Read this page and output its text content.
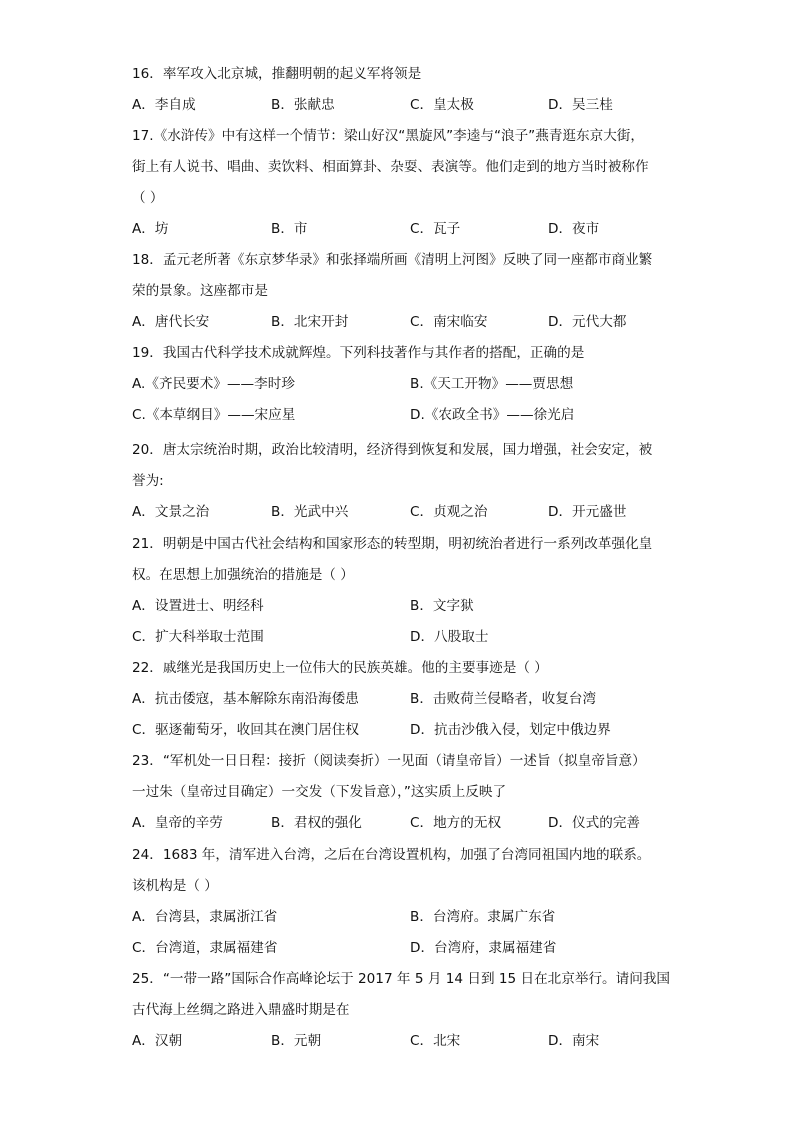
16．率军攻入北京城，推翻明朝的起义军将领是
A．李自成	B．张献忠	C．皇太极	D．吴三桂
17.《水浒传》中有这样一个情节：梁山好汉“黑旋风”李逵与“浪子”燕青逛东京大街，
街上有人说书、唱曲、卖饮料、相面算卦、杂耍、表演等。他们走到的地方当时被称作
（ ）
A．坊	B．市	C．瓦子	D．夜市
18．孟元老所著《东京梦华录》和张择端所画《清明上河图》反映了同一座都市商业繁
荣的景象。这座都市是
A．唐代长安	B．北宋开封	C．南宋临安	D．元代大都
19．我国古代科学技术成就辉煌。下列科技著作与其作者的搭配，正确的是
A.《齐民要术》——李时珍	B.《天工开物》——贾思想
C.《本草纲目》——宋应星	D.《农政全书》——徐光启
20．唐太宗统治时期，政治比较清明，经济得到恢复和发展，国力增强，社会安定，被
誉为:
A．文景之治	B．光武中兴	C．贞观之治	D．开元盛世
21．明朝是中国古代社会结构和国家形态的转型期，明初统治者进行一系列改革强化皇
权。在思想上加强统治的措施是（ ）
A．设置进士、明经科	B．文字狱
C．扩大科举取士范围	D．八股取士
22．戚继光是我国历史上一位伟大的民族英雄。他的主要事迹是（ ）
A．抗击倭寇，基本解除东南沿海倭患	B．击败荷兰侵略者，收复台湾
C．驱逐葡萄牙，收回其在澳门居住权	D．抗击沙俄入侵，划定中俄边界
23．“军机处一日日程：接折（阅读奏折）一见面（请皇帝旨）一述旨（拟皇帝旨意）
一过朱（皇帝过目确定）一交发（下发旨意），”这实质上反映了
A．皇帝的辛劳	B．君权的强化	C．地方的无权	D．仪式的完善
24．1683 年，清军进入台湾，之后在台湾设置机构，加强了台湾同祖国内地的联系。
该机构是（ ）
A．台湾县，隶属浙江省	B．台湾府。隶属广东省
C．台湾道，隶属福建省	D．台湾府，隶属福建省
25．“一带一路”国际合作高峰论坛于 2017 年 5 月 14 日到 15 日在北京举行。请问我国
古代海上丝绸之路进入鼎盛时期是在
A．汉朝	B．元朝	C．北宋	D．南宋
